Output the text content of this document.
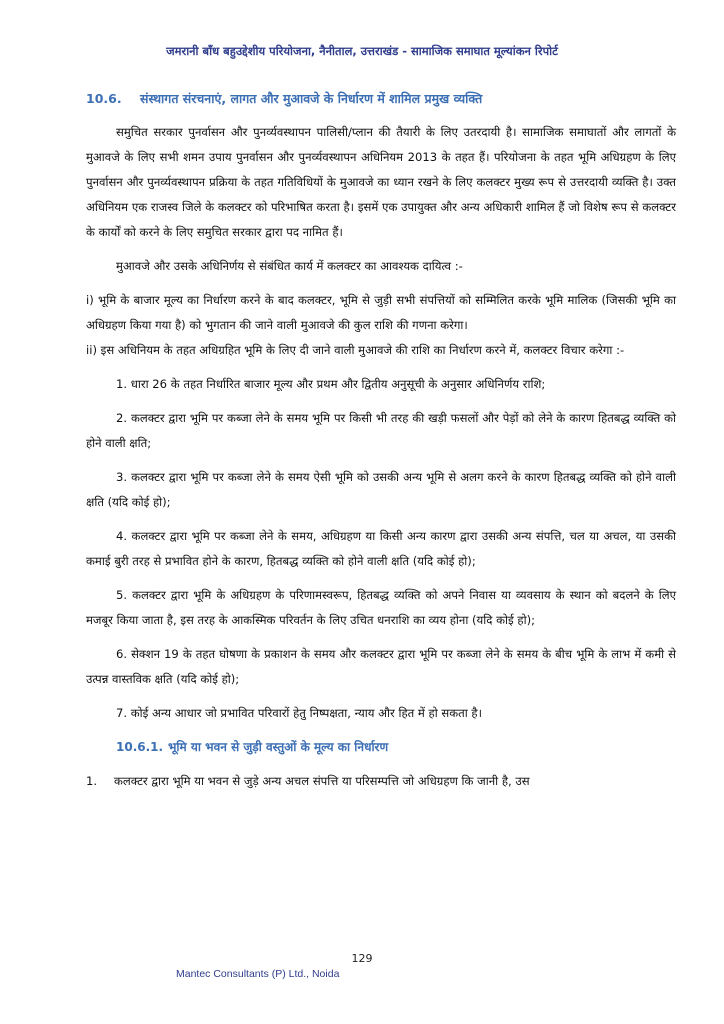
जमरानी बाँध बहुउद्देशीय परियोजना, नैनीताल, उत्तराखंड - सामाजिक समाघात मूल्यांकन रिपोर्ट
10.6. संस्थागत संरचनाएं, लागत और मुआवजे के निर्धारण में शामिल प्रमुख व्यक्ति

समुचित सरकार पुनर्वासन और पुनर्व्यवस्थापन पालिसी/प्लान की तैयारी के लिए उतरदायी है। सामाजिक समाघातों और लागतों के मुआवजे के लिए सभी शमन उपाय पुनर्वासन और पुनर्व्यवस्थापन अधिनियम 2013 के तहत हैं। परियोजना के तहत भूमि अधिग्रहण के लिए पुनर्वासन और पुनर्व्यवस्थापन प्रक्रिया के तहत गतिविधियों के मुआवजे का ध्यान रखने के लिए कलक्टर मुख्य रूप से उत्तरदायी व्यक्ति है। उक्त अधिनियम एक राजस्व जिले के कलक्टर को परिभाषित करता है। इसमें एक उपायुक्त और अन्य अधिकारी शामिल हैं जो विशेष रूप से कलक्टर के कार्यों को करने के लिए समुचित सरकार द्वारा पद नामित हैं।

मुआवजे और उसके अधिनिर्णय से संबंधित कार्य में कलक्टर का आवश्यक दायित्व :-

i) भूमि के बाजार मूल्य का निर्धारण करने के बाद कलक्टर, भूमि से जुड़ी सभी संपत्तियों को सम्मिलित करके भूमि मालिक (जिसकी भूमि का अधिग्रहण किया गया है) को भुगतान की जाने वाली मुआवजे की कुल राशि की गणना करेगा।

ii) इस अधिनियम के तहत अधिग्रहित भूमि के लिए दी जाने वाली मुआवजे की राशि का निर्धारण करने में, कलक्टर विचार करेगा :-

1. धारा 26 के तहत निर्धारित बाजार मूल्य और प्रथम और द्वितीय अनुसूची के अनुसार अधिनिर्णय राशि;

2. कलक्टर द्वारा भूमि पर कब्जा लेने के समय भूमि पर किसी भी तरह की खड़ी फसलों और पेड़ों को लेने के कारण हितबद्ध व्यक्ति को होने वाली क्षति;

3. कलक्टर द्वारा भूमि पर कब्जा लेने के समय ऐसी भूमि को उसकी अन्य भूमि से अलग करने के कारण हितबद्ध व्यक्ति को होने वाली क्षति (यदि कोई हो);

4. कलक्टर द्वारा भूमि पर कब्जा लेने के समय, अधिग्रहण या किसी अन्य कारण द्वारा उसकी अन्य संपत्ति, चल या अचल, या उसकी कमाई बुरी तरह से प्रभावित होने के कारण, हितबद्ध व्यक्ति को होने वाली क्षति (यदि कोई हो);

5. कलक्टर द्वारा भूमि के अधिग्रहण के परिणामस्वरूप, हितबद्ध व्यक्ति को अपने निवास या व्यवसाय के स्थान को बदलने के लिए मजबूर किया जाता है, इस तरह के आकस्मिक परिवर्तन के लिए उचित धनराशि का व्यय होना (यदि कोई हो);

6. सेक्शन 19 के तहत घोषणा के प्रकाशन के समय और कलक्टर द्वारा भूमि पर कब्जा लेने के समय के बीच भूमि के लाभ में कमी से उत्पन्न वास्तविक क्षति (यदि कोई हो);

7. कोई अन्य आधार जो प्रभावित परिवारों हेतु निष्पक्षता, न्याय और हित में हो सकता है।

10.6.1. भूमि या भवन से जुड़ी वस्तुओं के मूल्य का निर्धारण

1. कलक्टर द्वारा भूमि या भवन से जुड़े अन्य अचल संपत्ति या परिसम्पत्ति जो अधिग्रहण कि जानी है, उस

129
Mantec Consultants (P) Ltd., Noida
